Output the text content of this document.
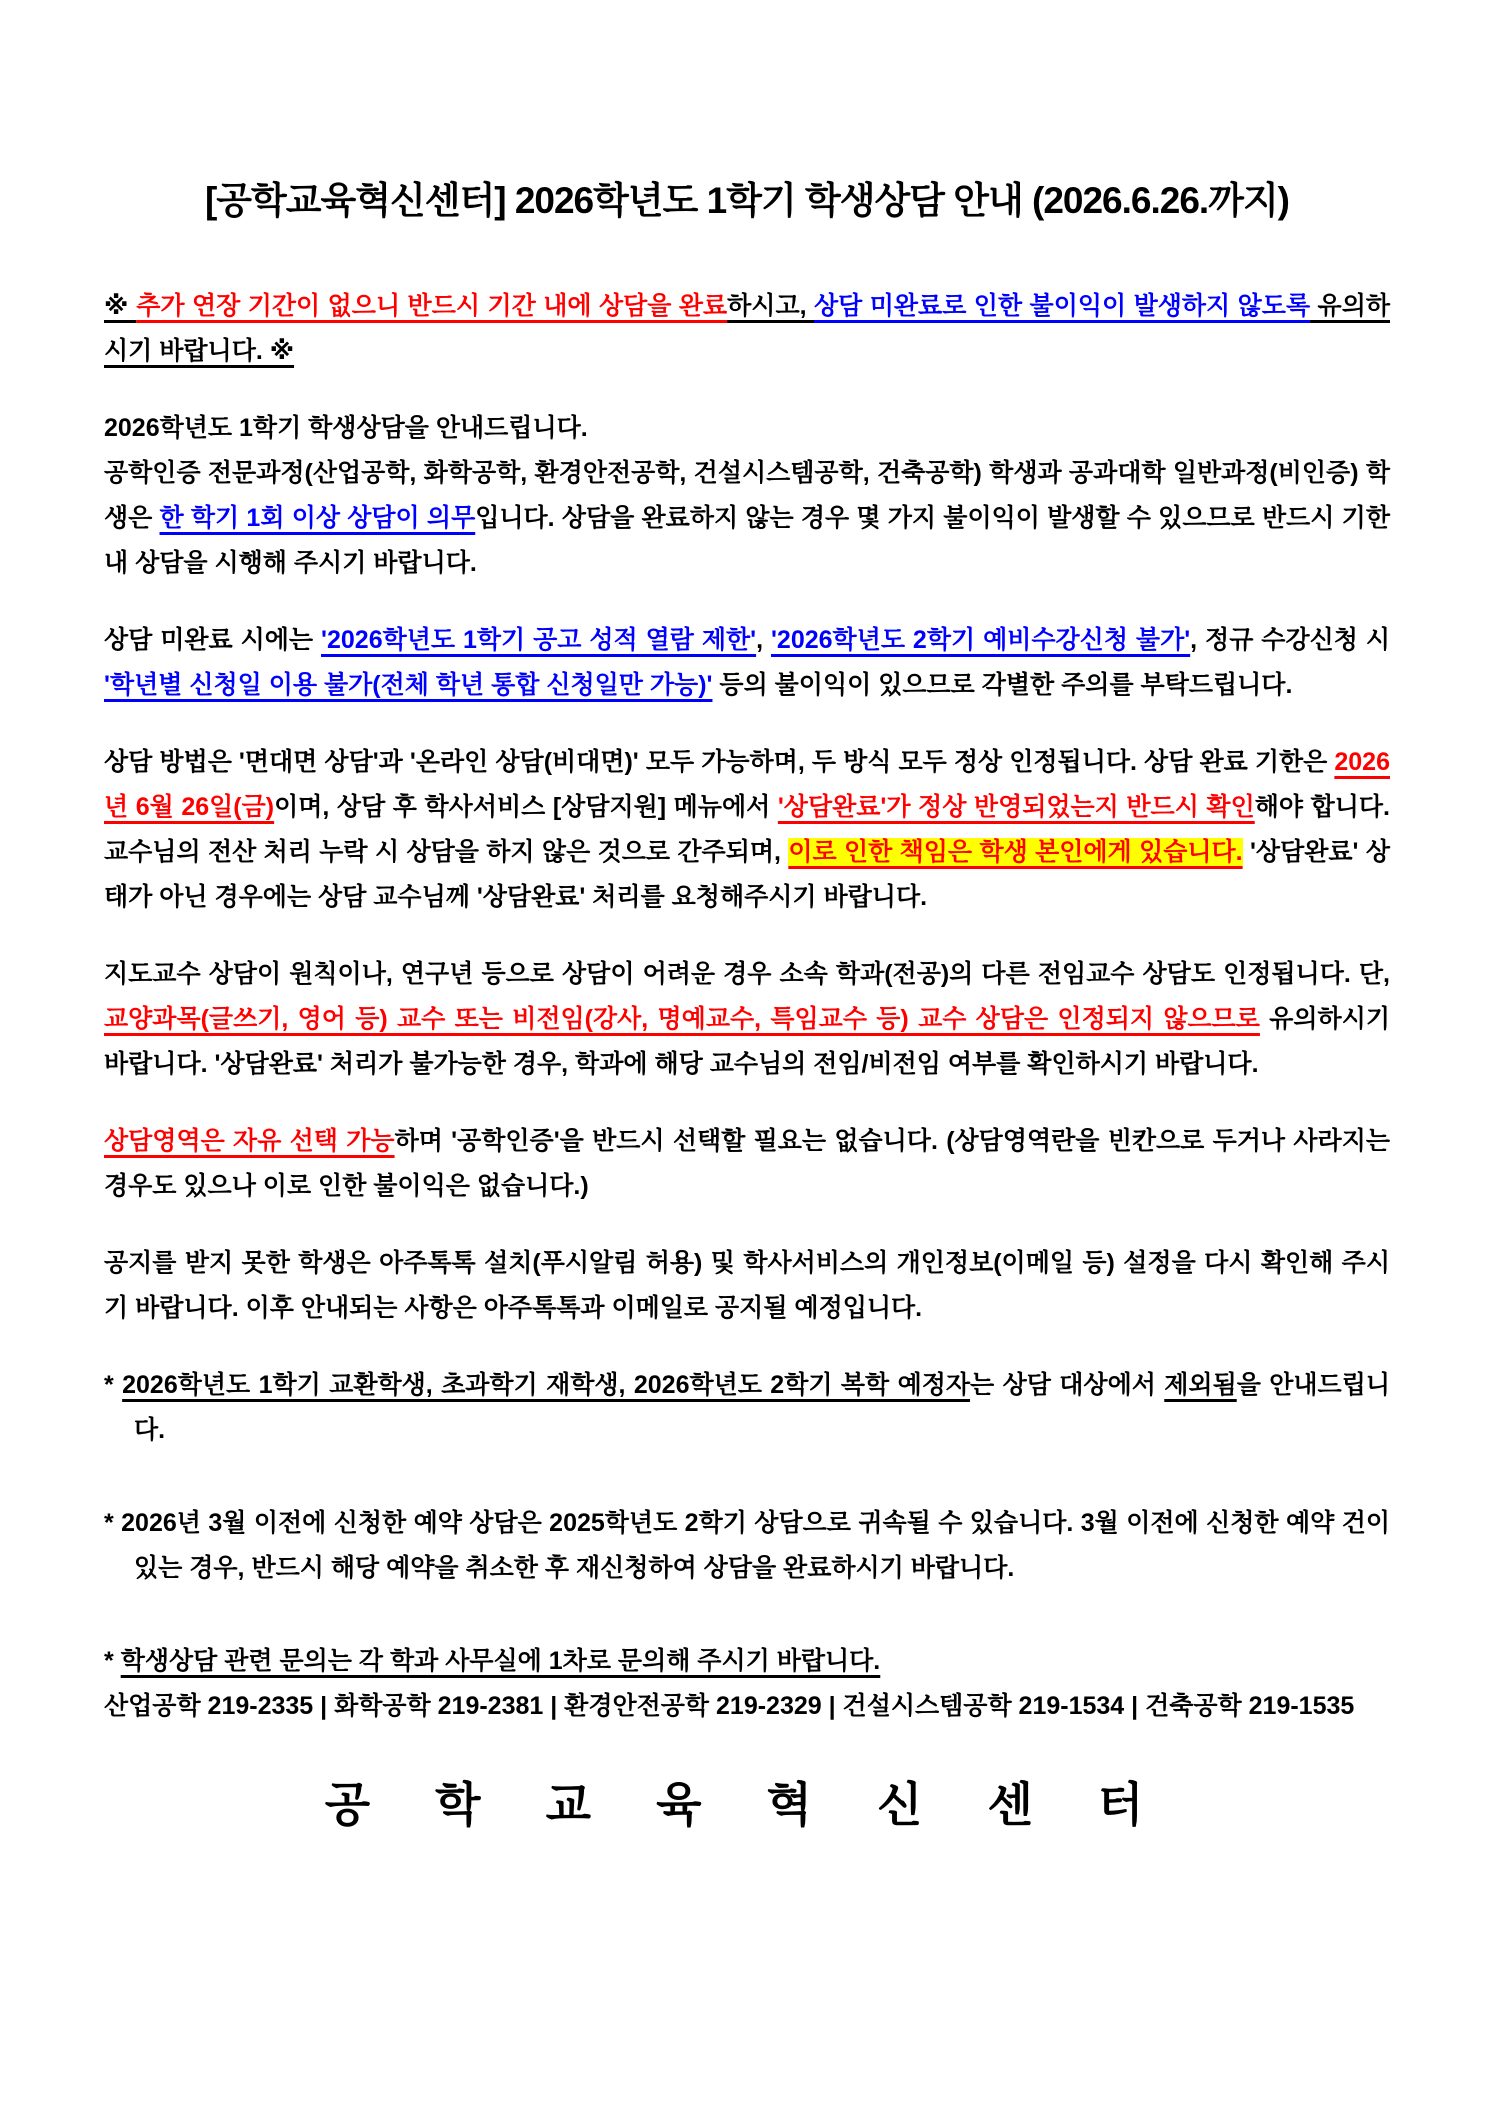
[공학교육혁신센터] 2026학년도 1학기 학생상담 안내 (2026.6.26.까지)

※ 추가 연장 기간이 없으니 반드시 기간 내에 상담을 완료하시고, 상담 미완료로 인한 불이익이 발생하지 않도록 유의하시기 바랍니다. ※

2026학년도 1학기 학생상담을 안내드립니다.

공학인증 전문과정(산업공학, 화학공학, 환경안전공학, 건설시스템공학, 건축공학) 학생과 공과대학 일반과정(비인증) 학생은 한 학기 1회 이상 상담이 의무입니다. 상담을 완료하지 않는 경우 몇 가지 불이익이 발생할 수 있으므로 반드시 기한 내 상담을 시행해 주시기 바랍니다.

상담 미완료 시에는 '2026학년도 1학기 공고 성적 열람 제한', '2026학년도 2학기 예비수강신청 불가', 정규 수강신청 시 '학년별 신청일 이용 불가(전체 학년 통합 신청일만 가능)' 등의 불이익이 있으므로 각별한 주의를 부탁드립니다.

상담 방법은 '면대면 상담'과 '온라인 상담(비대면)' 모두 가능하며, 두 방식 모두 정상 인정됩니다. 상담 완료 기한은 2026년 6월 26일(금)이며, 상담 후 학사서비스 [상담지원] 메뉴에서 '상담완료'가 정상 반영되었는지 반드시 확인해야 합니다. 교수님의 전산 처리 누락 시 상담을 하지 않은 것으로 간주되며, 이로 인한 책임은 학생 본인에게 있습니다. '상담완료' 상태가 아닌 경우에는 상담 교수님께 '상담완료' 처리를 요청해주시기 바랍니다.

지도교수 상담이 원칙이나, 연구년 등으로 상담이 어려운 경우 소속 학과(전공)의 다른 전임교수 상담도 인정됩니다. 단, 교양과목(글쓰기, 영어 등) 교수 또는 비전임(강사, 명예교수, 특임교수 등) 교수 상담은 인정되지 않으므로 유의하시기 바랍니다. '상담완료' 처리가 불가능한 경우, 학과에 해당 교수님의 전임/비전임 여부를 확인하시기 바랍니다.

상담영역은 자유 선택 가능하며 '공학인증'을 반드시 선택할 필요는 없습니다. (상담영역란을 빈칸으로 두거나 사라지는 경우도 있으나 이로 인한 불이익은 없습니다.)

공지를 받지 못한 학생은 아주톡톡 설치(푸시알림 허용) 및 학사서비스의 개인정보(이메일 등) 설정을 다시 확인해 주시기 바랍니다. 이후 안내되는 사항은 아주톡톡과 이메일로 공지될 예정입니다.

* 2026학년도 1학기 교환학생, 초과학기 재학생, 2026학년도 2학기 복학 예정자는 상담 대상에서 제외됨을 안내드립니다.

* 2026년 3월 이전에 신청한 예약 상담은 2025학년도 2학기 상담으로 귀속될 수 있습니다. 3월 이전에 신청한 예약 건이 있는 경우, 반드시 해당 예약을 취소한 후 재신청하여 상담을 완료하시기 바랍니다.

* 학생상담 관련 문의는 각 학과 사무실에 1차로 문의해 주시기 바랍니다.

산업공학 219-2335 | 화학공학 219-2381 | 환경안전공학 219-2329 | 건설시스템공학 219-1534 | 건축공학 219-1535

공 학 교 육 혁 신 센 터
